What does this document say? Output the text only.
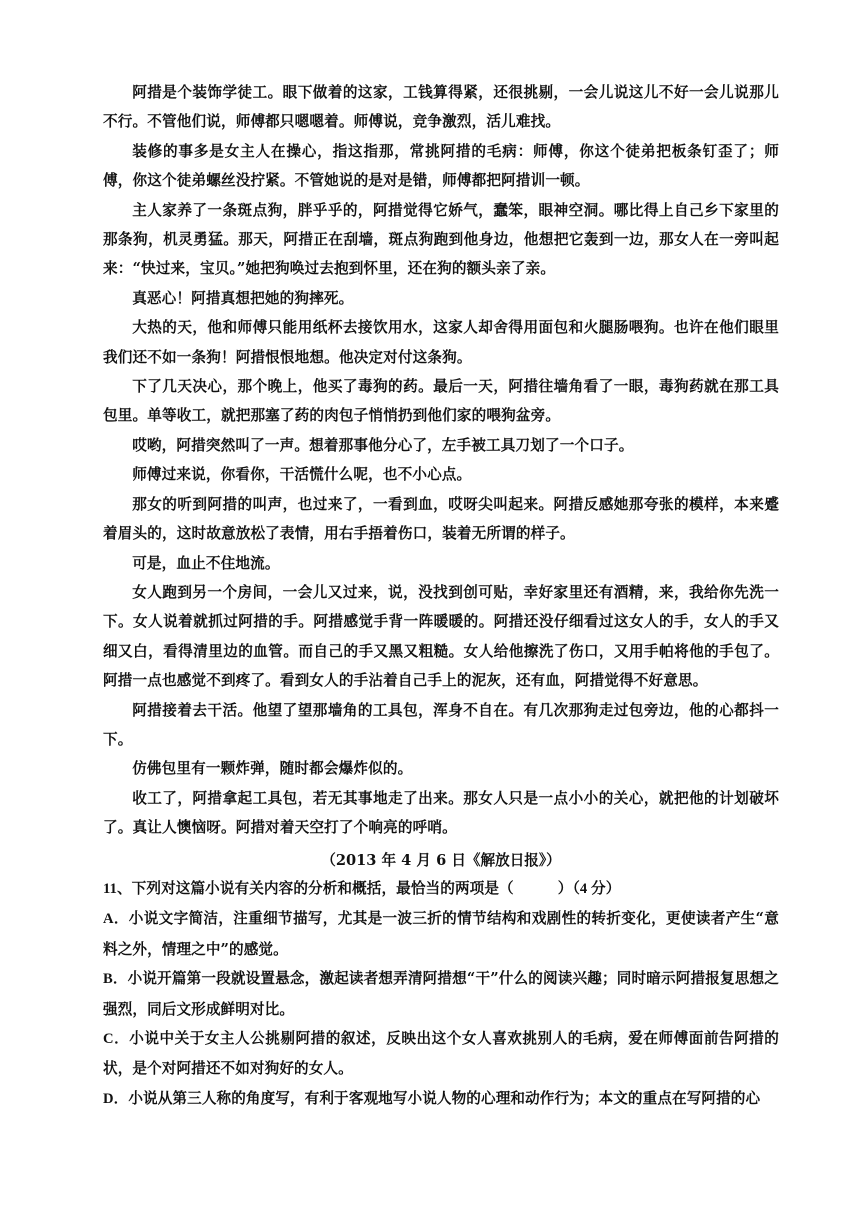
阿措是个装饰学徒工。眼下做着的这家，工钱算得紧，还很挑剔，一会儿说这儿不好一会儿说那儿不行。不管他们说，师傅都只嗯嗯着。师傅说，竞争激烈，活儿难找。

装修的事多是女主人在操心，指这指那，常挑阿措的毛病：师傅，你这个徒弟把板条钉歪了；师傅，你这个徒弟螺丝没拧紧。不管她说的是对是错，师傅都把阿措训一顿。

主人家养了一条斑点狗，胖乎乎的，阿措觉得它娇气，蠢笨，眼神空洞。哪比得上自己乡下家里的那条狗，机灵勇猛。那天，阿措正在刮墙，斑点狗跑到他身边，他想把它轰到一边，那女人在一旁叫起来：“快过来，宝贝。”她把狗唤过去抱到怀里，还在狗的额头亲了亲。

真恶心！阿措真想把她的狗摔死。

大热的天，他和师傅只能用纸杯去接饮用水，这家人却舍得用面包和火腿肠喂狗。也许在他们眼里我们还不如一条狗！阿措恨恨地想。他决定对付这条狗。

下了几天决心，那个晚上，他买了毒狗的药。最后一天，阿措往墙角看了一眼，毒狗药就在那工具包里。单等收工，就把那塞了药的肉包子悄悄扔到他们家的喂狗盆旁。

哎哟，阿措突然叫了一声。想着那事他分心了，左手被工具刀划了一个口子。

师傅过来说，你看你，干活慌什么呢，也不小心点。

那女的听到阿措的叫声，也过来了，一看到血，哎呀尖叫起来。阿措反感她那夸张的模样，本来蹙着眉头的，这时故意放松了表情，用右手捂着伤口，装着无所谓的样子。

可是，血止不住地流。

女人跑到另一个房间，一会儿又过来，说，没找到创可贴，幸好家里还有酒精，来，我给你先洗一下。女人说着就抓过阿措的手。阿措感觉手背一阵暖暖的。阿措还没仔细看过这女人的手，女人的手又细又白，看得清里边的血管。而自己的手又黑又粗糙。女人给他擦洗了伤口，又用手帕将他的手包了。阿措一点也感觉不到疼了。看到女人的手沾着自己手上的泥灰，还有血，阿措觉得不好意思。

阿措接着去干活。他望了望那墙角的工具包，浑身不自在。有几次那狗走过包旁边，他的心都抖一下。

仿佛包里有一颗炸弹，随时都会爆炸似的。

收工了，阿措拿起工具包，若无其事地走了出来。那女人只是一点小小的关心，就把他的计划破坏了。真让人懊恼呀。阿措对着天空打了个响亮的呼哨。

（2013 年 4 月 6 日《解放日报》）

11、下列对这篇小说有关内容的分析和概括，最恰当的两项是（　　　）（4 分）

A．小说文字简洁，注重细节描写，尤其是一波三折的情节结构和戏剧性的转折变化，更使读者产生“意料之外，情理之中”的感觉。

B．小说开篇第一段就设置悬念，激起读者想弄清阿措想“干”什么的阅读兴趣；同时暗示阿措报复思想之强烈，同后文形成鲜明对比。

C．小说中关于女主人公挑剔阿措的叙述，反映出这个女人喜欢挑别人的毛病，爱在师傅面前告阿措的状，是个对阿措还不如对狗好的女人。

D．小说从第三人称的角度写，有利于客观地写小说人物的心理和动作行为；本文的重点在写阿措的心
